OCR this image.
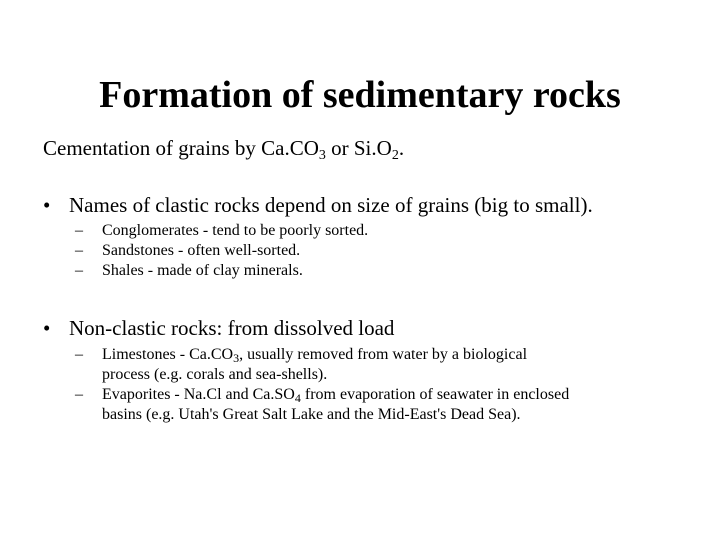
Formation of sedimentary rocks
Cementation of grains by $Ca.CO_3$ or $Si.O_2$.
• Names of clastic rocks depend on size of grains (big to small).
– Conglomerates - tend to be poorly sorted.
– Sandstones - often well-sorted.
– Shales - made of clay minerals.
• Non-clastic rocks: from dissolved load
– Limestones - Ca.CO3, usually removed from water by a biological
process (e.g. corals and sea-shells).
– Evaporites - Na.Cl and Ca.SO4 from evaporation of seawater in enclosed
basins (e.g. Utah's Great Salt Lake and the Mid-East's Dead Sea).
